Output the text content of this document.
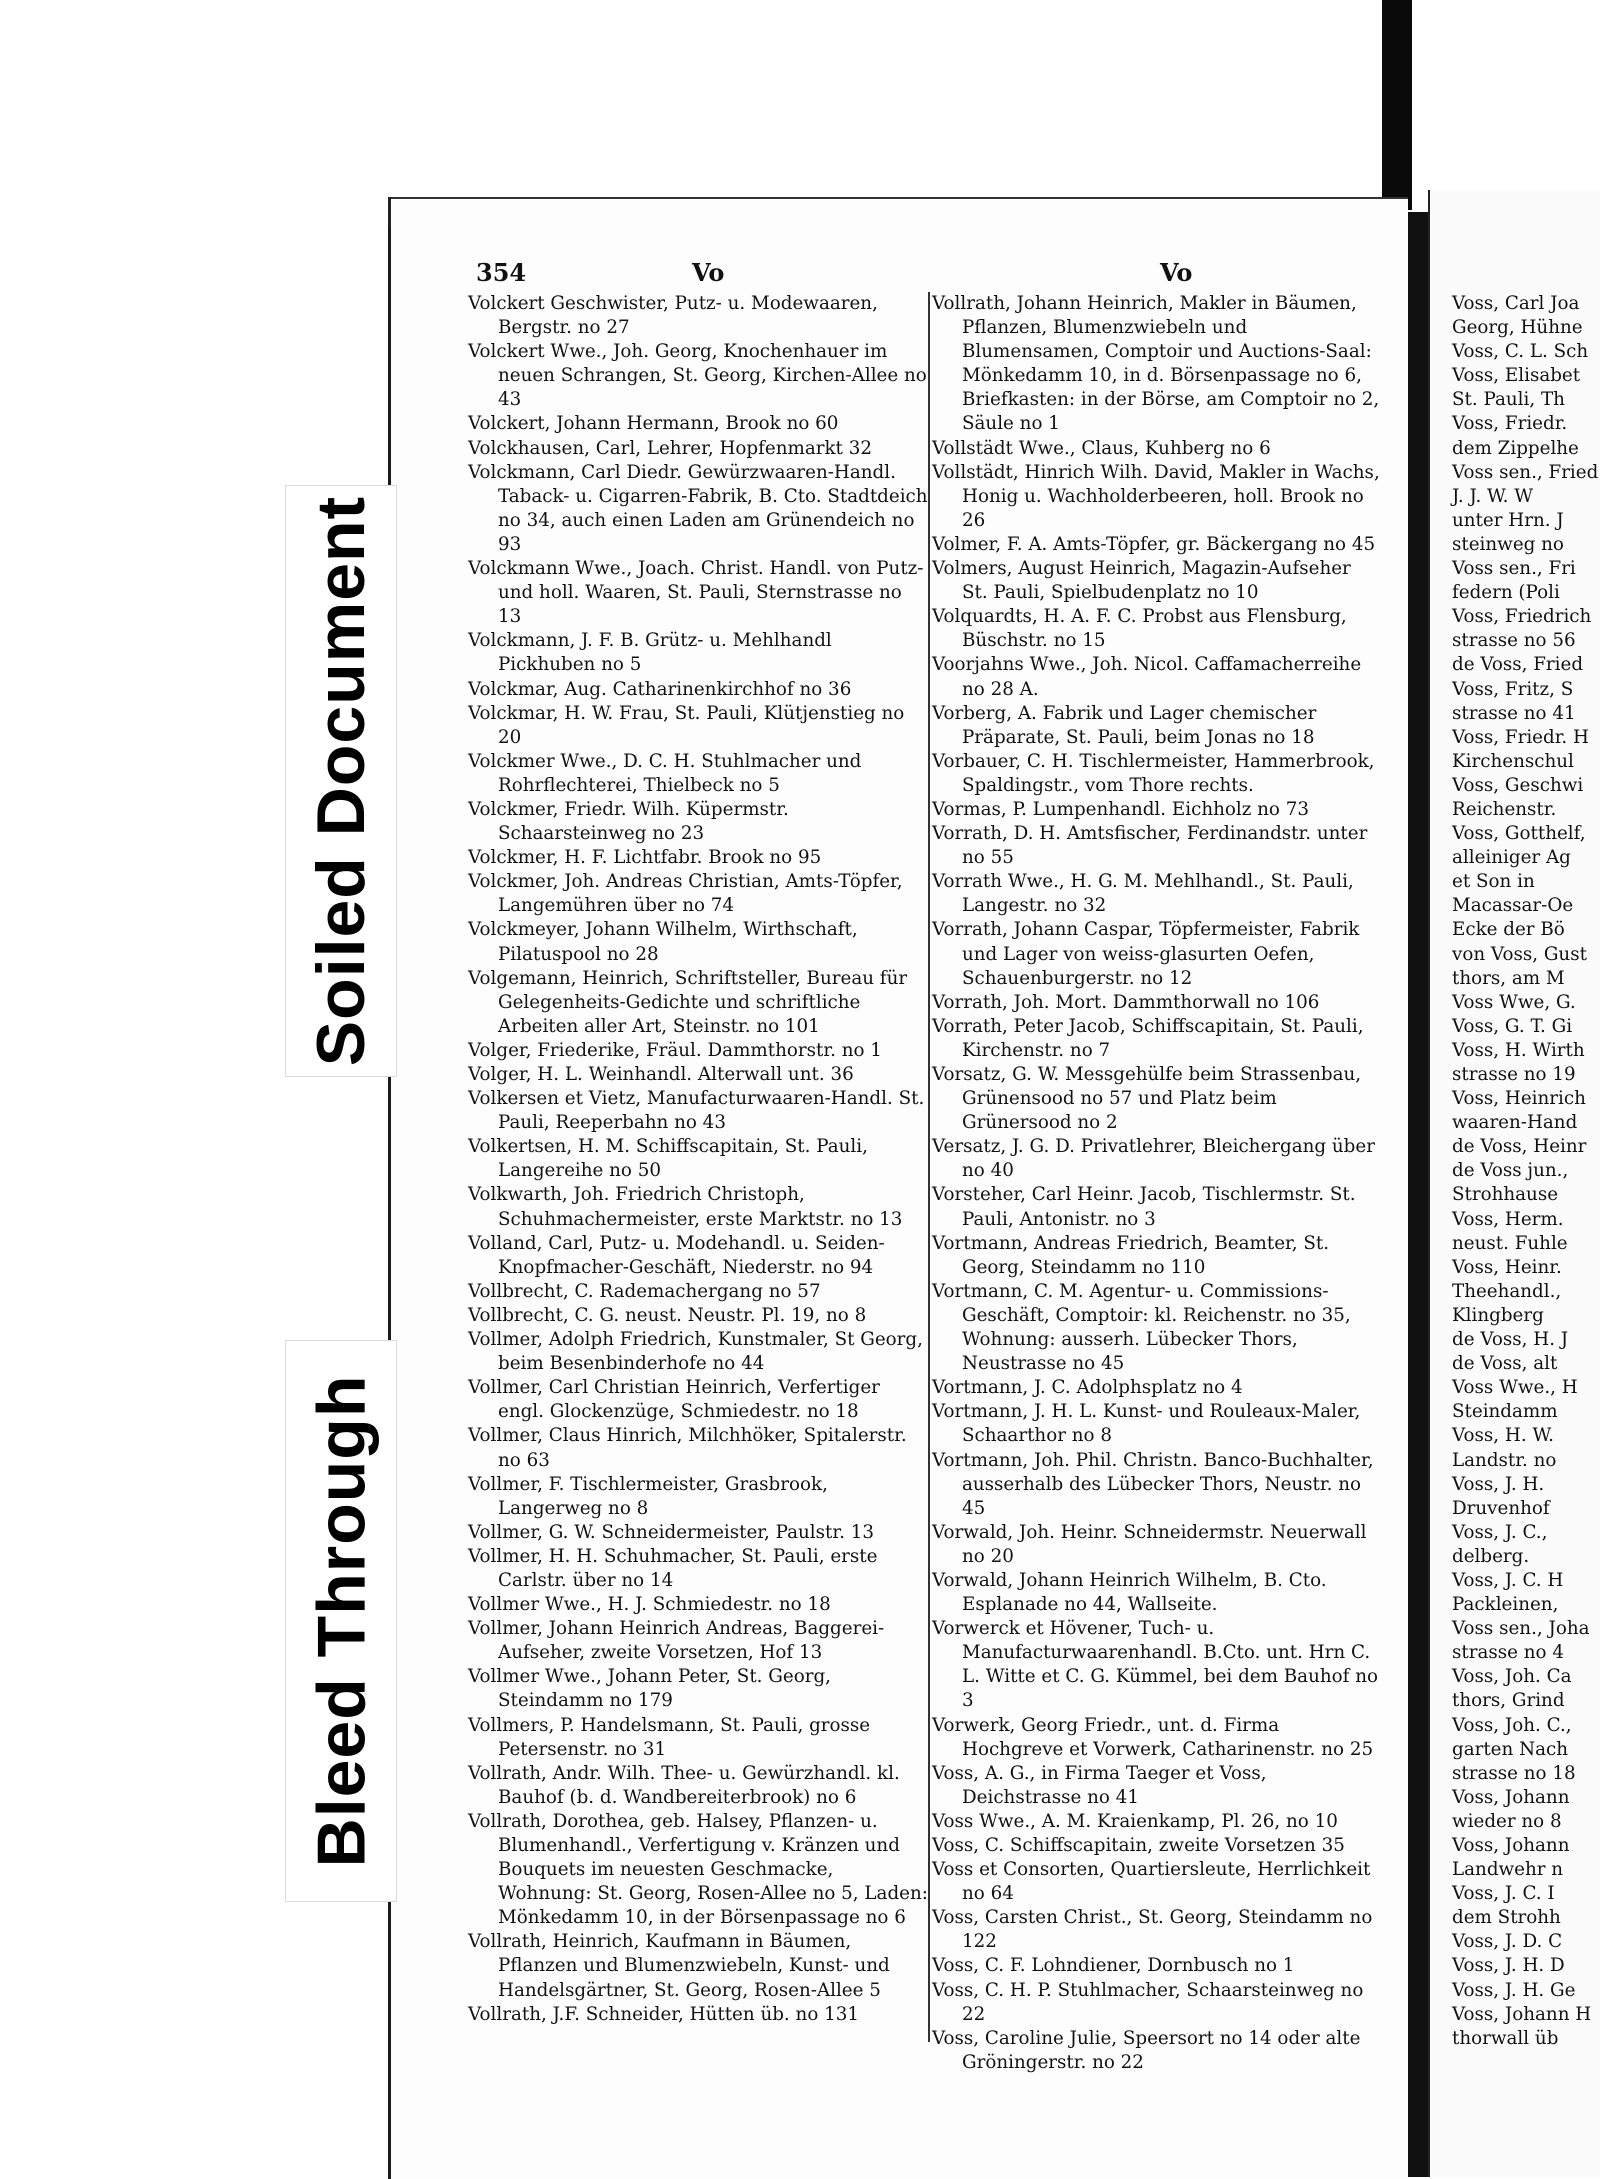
354	Vo	Vo
Volckert Geschwister, Putz- u. Modewaaren, Bergstr. no 27
Volckert Wwe., Joh. Georg, Knochenhauer im neuen Schrangen, St. Georg, Kirchen-Allee no 43
Volckert, Johann Hermann, Brook no 60
Volckhausen, Carl, Lehrer, Hopfenmarkt 32
Volckmann, Carl Diedr. Gewürzwaaren-Handl. Taback- u. Cigarren-Fabrik, B. Cto. Stadtdeich no 34, auch einen Laden am Grünendeich no 93
Volckmann Wwe., Joach. Christ. Handl. von Putz- und holl. Waaren, St. Pauli, Sternstrasse no 13
Volckmann, J. F. B. Grütz- u. Mehlhandl Pickhuben no 5
Volckmar, Aug. Catharinenkirchhof no 36
Volckmar, H. W. Frau, St. Pauli, Klütjenstieg no 20
Volckmer Wwe., D. C. H. Stuhlmacher und Rohrflechterei, Thielbeck no 5
Volckmer, Friedr. Wilh. Küpermstr. Schaarsteinweg no 23
Volckmer, H. F. Lichtfabr. Brook no 95
Volckmer, Joh. Andreas Christian, Amts-Töpfer, Langemühren über no 74
Volckmeyer, Johann Wilhelm, Wirthschaft, Pilatuspool no 28
Volgemann, Heinrich, Schriftsteller, Bureau für Gelegenheits-Gedichte und schriftliche Arbeiten aller Art, Steinstr. no 101
Volger, Friederike, Fräul. Dammthorstr. no 1
Volger, H. L. Weinhandl. Alterwall unt. 36
Volkersen et Vietz, Manufacturwaaren-Handl. St. Pauli, Reeperbahn no 43
Volkertsen, H. M. Schiffscapitain, St. Pauli, Langereihe no 50
Volkwarth, Joh. Friedrich Christoph, Schuhmachermeister, erste Marktstr. no 13
Volland, Carl, Putz- u. Modehandl. u. Seiden-Knopfmacher-Geschäft, Niederstr. no 94
Vollbrecht, C. Rademachergang no 57
Vollbrecht, C. G. neust. Neustr. Pl. 19, no 8
Vollmer, Adolph Friedrich, Kunstmaler, St Georg, beim Besenbinderhofe no 44
Vollmer, Carl Christian Heinrich, Verfertiger engl. Glockenzüge, Schmiedestr. no 18
Vollmer, Claus Hinrich, Milchhöker, Spitalerstr. no 63
Vollmer, F. Tischlermeister, Grasbrook, Langerweg no 8
Vollmer, G. W. Schneidermeister, Paulstr. 13
Vollmer, H. H. Schuhmacher, St. Pauli, erste Carlstr. über no 14
Vollmer Wwe., H. J. Schmiedestr. no 18
Vollmer, Johann Heinrich Andreas, Baggerei-Aufseher, zweite Vorsetzen, Hof 13
Vollmer Wwe., Johann Peter, St. Georg, Steindamm no 179
Vollmers, P. Handelsmann, St. Pauli, grosse Petersenstr. no 31
Vollrath, Andr. Wilh. Thee- u. Gewürzhandl. kl. Bauhof (b. d. Wandbereiterbrook) no 6
Vollrath, Dorothea, geb. Halsey, Pflanzen- u. Blumenhandl., Verfertigung v. Kränzen und Bouquets im neuesten Geschmacke, Wohnung: St. Georg, Rosen-Allee no 5, Laden: Mönkedamm 10, in der Börsenpassage no 6
Vollrath, Heinrich, Kaufmann in Bäumen, Pflanzen und Blumenzwiebeln, Kunst- und Handelsgärtner, St. Georg, Rosen-Allee 5
Vollrath, J.F. Schneider, Hütten üb. no 131
Vollrath, Johann Heinrich, Makler in Bäumen, Pflanzen, Blumenzwiebeln und Blumensamen, Comptoir und Auctions-Saal: Mönkedamm 10, in d. Börsenpassage no 6, Briefkasten: in der Börse, am Comptoir no 2, Säule no 1
Vollstädt Wwe., Claus, Kuhberg no 6
Vollstädt, Hinrich Wilh. David, Makler in Wachs, Honig u. Wachholderbeeren, holl. Brook no 26
Volmer, F. A. Amts-Töpfer, gr. Bäckergang no 45
Volmers, August Heinrich, Magazin-Aufseher St. Pauli, Spielbudenplatz no 10
Volquardts, H. A. F. C. Probst aus Flensburg, Büschstr. no 15
Voorjahns Wwe., Joh. Nicol. Caffamacherreihe no 28 A.
Vorberg, A. Fabrik und Lager chemischer Präparate, St. Pauli, beim Jonas no 18
Vorbauer, C. H. Tischlermeister, Hammerbrook, Spaldingstr., vom Thore rechts.
Vormas, P. Lumpenhandl. Eichholz no 73
Vorrath, D. H. Amtsfischer, Ferdinandstr. unter no 55
Vorrath Wwe., H. G. M. Mehlhandl., St. Pauli, Langestr. no 32
Vorrath, Johann Caspar, Töpfermeister, Fabrik und Lager von weiss-glasurten Oefen, Schauenburgerstr. no 12
Vorrath, Joh. Mort. Dammthorwall no 106
Vorrath, Peter Jacob, Schiffscapitain, St. Pauli, Kirchenstr. no 7
Vorsatz, G. W. Messgehülfe beim Strassenbau, Grünensood no 57 und Platz beim Grünersood no 2
Versatz, J. G. D. Privatlehrer, Bleichergang über no 40
Vorsteher, Carl Heinr. Jacob, Tischlermstr. St. Pauli, Antonistr. no 3
Vortmann, Andreas Friedrich, Beamter, St. Georg, Steindamm no 110
Vortmann, C. M. Agentur- u. Commissions-Geschäft, Comptoir: kl. Reichenstr. no 35, Wohnung: ausserh. Lübecker Thors, Neustrasse no 45
Vortmann, J. C. Adolphsplatz no 4
Vortmann, J. H. L. Kunst- und Rouleaux-Maler, Schaarthor no 8
Vortmann, Joh. Phil. Christn. Banco-Buchhalter, ausserhalb des Lübecker Thors, Neustr. no 45
Vorwald, Joh. Heinr. Schneidermstr. Neuerwall no 20
Vorwald, Johann Heinrich Wilhelm, B. Cto. Esplanade no 44, Wallseite.
Vorwerck et Hövener, Tuch- u. Manufacturwaarenhandl. B.Cto. unt. Hrn C. L. Witte et C. G. Kümmel, bei dem Bauhof no 3
Vorwerk, Georg Friedr., unt. d. Firma Hochgreve et Vorwerk, Catharinenstr. no 25
Voss, A. G., in Firma Taeger et Voss, Deichstrasse no 41
Voss Wwe., A. M. Kraienkamp, Pl. 26, no 10
Voss, C. Schiffscapitain, zweite Vorsetzen 35
Voss et Consorten, Quartiersleute, Herrlichkeit no 64
Voss, Carsten Christ., St. Georg, Steindamm no 122
Voss, C. F. Lohndiener, Dornbusch no 1
Voss, C. H. P. Stuhlmacher, Schaarsteinweg no 22
Voss, Caroline Julie, Speersort no 14 oder alte Gröningerstr. no 22
Voss, Carl Joa
Georg, Hühne
Voss, C. L. Sch
Voss, Elisabet
St. Pauli, Th
Voss, Friedr.
dem Zippelhe
Voss sen., Fried
J. J. W. W
unter Hrn. J
steinweg no
Voss sen., Fri
federn (Poli
Voss, Friedrich
strasse no 56
de Voss, Fried
Voss, Fritz, S
strasse no 41
Voss, Friedr. H
Kirchenschul
Voss, Geschwi
Reichenstr.
Voss, Gotthelf,
alleiniger Ag
et Son in
Macassar-Oe
Ecke der Bö
von Voss, Gust
thors, am M
Voss Wwe, G.
Voss, G. T. Gi
Voss, H. Wirth
strasse no 19
Voss, Heinrich
waaren-Hand
de Voss, Heinr
de Voss jun.,
Strohhause
Voss, Herm.
neust. Fuhle
Voss, Heinr.
Theehandl.,
Klingberg
de Voss, H. J
de Voss, alt
Voss Wwe., H
Steindamm
Voss, H. W.
Landstr. no
Voss, J. H.
Druvenhof
Voss, J. C.,
delberg.
Voss, J. C. H
Packleinen,
Voss sen., Joha
strasse no 4
Voss, Joh. Ca
thors, Grind
Voss, Joh. C.,
garten Nach
strasse no 18
Voss, Johann
wieder no 8
Voss, Johann
Landwehr n
Voss, J. C. I
dem Strohh
Voss, J. D. C
Voss, J. H. D
Voss, J. H. Ge
Voss, Johann H
thorwall üb
Soiled Document
Bleed Through
